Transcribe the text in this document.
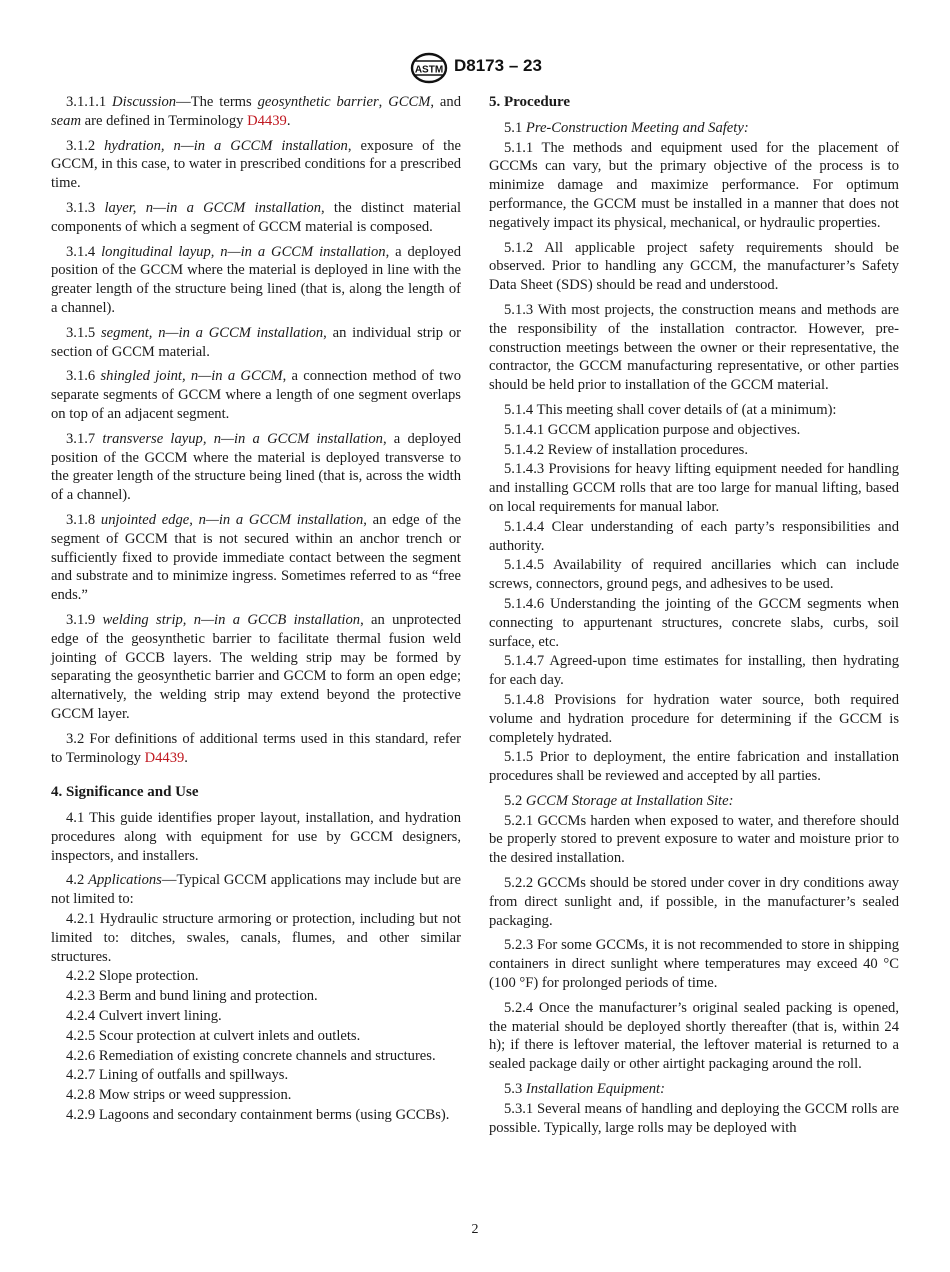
ASTM D8173 – 23

3.1.1.1 Discussion—The terms geosynthetic barrier, GCCM, and seam are defined in Terminology D4439.

3.1.2 hydration, n—in a GCCM installation, exposure of the GCCM, in this case, to water in prescribed conditions for a prescribed time.

3.1.3 layer, n—in a GCCM installation, the distinct material components of which a segment of GCCM material is composed.

3.1.4 longitudinal layup, n—in a GCCM installation, a deployed position of the GCCM where the material is deployed in line with the greater length of the structure being lined (that is, along the length of a channel).

3.1.5 segment, n—in a GCCM installation, an individual strip or section of GCCM material.

3.1.6 shingled joint, n—in a GCCM, a connection method of two separate segments of GCCM where a length of one segment overlaps on top of an adjacent segment.

3.1.7 transverse layup, n—in a GCCM installation, a deployed position of the GCCM where the material is deployed transverse to the greater length of the structure being lined (that is, across the width of a channel).

3.1.8 unjointed edge, n—in a GCCM installation, an edge of the segment of GCCM that is not secured within an anchor trench or sufficiently fixed to provide immediate contact between the segment and substrate and to minimize ingress. Sometimes referred to as “free ends.”

3.1.9 welding strip, n—in a GCCB installation, an unprotected edge of the geosynthetic barrier to facilitate thermal fusion weld jointing of GCCB layers. The welding strip may be formed by separating the geosynthetic barrier and GCCM to form an open edge; alternatively, the welding strip may extend beyond the protective GCCM layer.

3.2 For definitions of additional terms used in this standard, refer to Terminology D4439.

4. Significance and Use

4.1 This guide identifies proper layout, installation, and hydration procedures along with equipment for use by GCCM designers, inspectors, and installers.

4.2 Applications—Typical GCCM applications may include but are not limited to:

4.2.1 Hydraulic structure armoring or protection, including but not limited to: ditches, swales, canals, flumes, and other similar structures.

4.2.2 Slope protection.

4.2.3 Berm and bund lining and protection.

4.2.4 Culvert invert lining.

4.2.5 Scour protection at culvert inlets and outlets.

4.2.6 Remediation of existing concrete channels and structures.

4.2.7 Lining of outfalls and spillways.

4.2.8 Mow strips or weed suppression.

4.2.9 Lagoons and secondary containment berms (using GCCBs).

5. Procedure

5.1 Pre-Construction Meeting and Safety:

5.1.1 The methods and equipment used for the placement of GCCMs can vary, but the primary objective of the process is to minimize damage and maximize performance. For optimum performance, the GCCM must be installed in a manner that does not negatively impact its physical, mechanical, or hydraulic properties.

5.1.2 All applicable project safety requirements should be observed. Prior to handling any GCCM, the manufacturer’s Safety Data Sheet (SDS) should be read and understood.

5.1.3 With most projects, the construction means and methods are the responsibility of the installation contractor. However, pre-construction meetings between the owner or their representative, the contractor, the GCCM manufacturing representative, or other parties should be held prior to installation of the GCCM material.

5.1.4 This meeting shall cover details of (at a minimum):

5.1.4.1 GCCM application purpose and objectives.

5.1.4.2 Review of installation procedures.

5.1.4.3 Provisions for heavy lifting equipment needed for handling and installing GCCM rolls that are too large for manual lifting, based on local requirements for manual labor.

5.1.4.4 Clear understanding of each party’s responsibilities and authority.

5.1.4.5 Availability of required ancillaries which can include screws, connectors, ground pegs, and adhesives to be used.

5.1.4.6 Understanding the jointing of the GCCM segments when connecting to appurtenant structures, concrete slabs, curbs, soil surface, etc.

5.1.4.7 Agreed-upon time estimates for installing, then hydrating for each day.

5.1.4.8 Provisions for hydration water source, both required volume and hydration procedure for determining if the GCCM is completely hydrated.

5.1.5 Prior to deployment, the entire fabrication and installation procedures shall be reviewed and accepted by all parties.

5.2 GCCM Storage at Installation Site:

5.2.1 GCCMs harden when exposed to water, and therefore should be properly stored to prevent exposure to water and moisture prior to the desired installation.

5.2.2 GCCMs should be stored under cover in dry conditions away from direct sunlight and, if possible, in the manufacturer’s sealed packaging.

5.2.3 For some GCCMs, it is not recommended to store in shipping containers in direct sunlight where temperatures may exceed 40 °C (100 °F) for prolonged periods of time.

5.2.4 Once the manufacturer’s original sealed packing is opened, the material should be deployed shortly thereafter (that is, within 24 h); if there is leftover material, the leftover material is returned to a sealed package daily or other airtight packaging around the roll.

5.3 Installation Equipment:

5.3.1 Several means of handling and deploying the GCCM rolls are possible. Typically, large rolls may be deployed with

2
